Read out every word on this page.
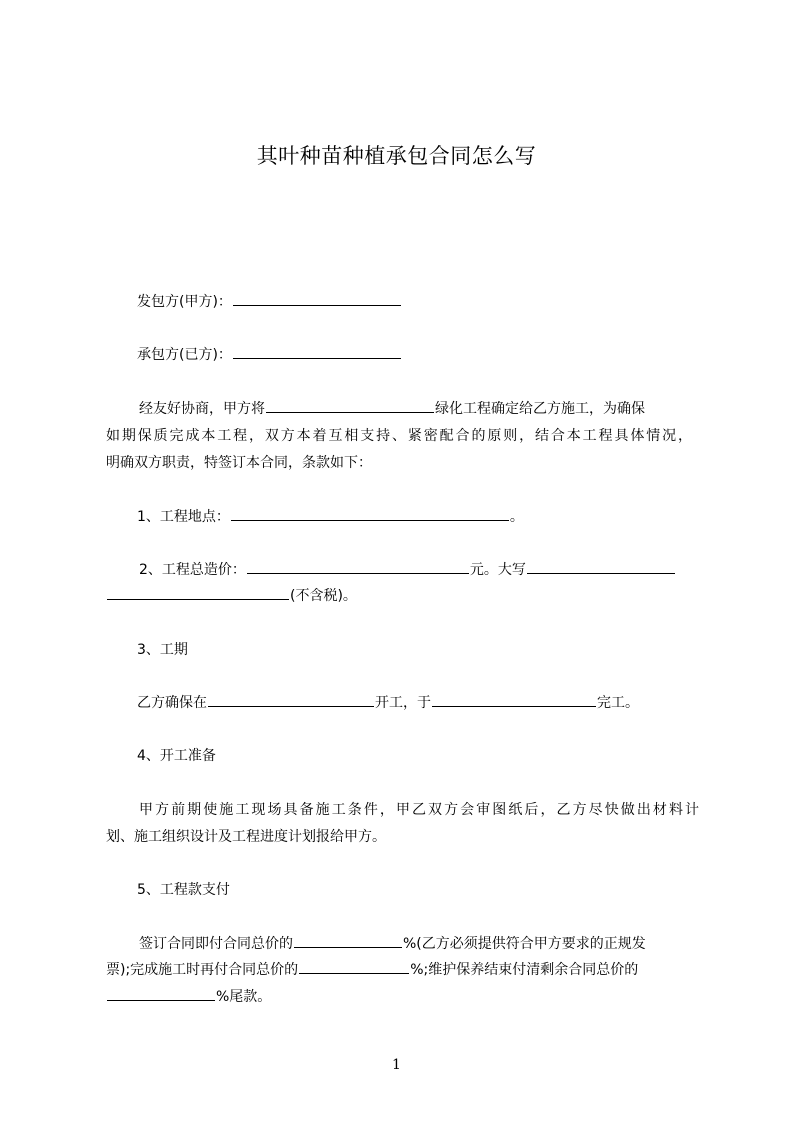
其叶种苗种植承包合同怎么写

发包方(甲方)：

承包方(已方)：

经友好协商，甲方将	绿化工程确定给乙方施工，为确保

如期保质完成本工程，双方本着互相支持、紧密配合的原则，结合本工程具体情况，

明确双方职责，特签订本合同，条款如下：

1、工程地点：	。

2、工程总造价：	元。大写

(不含税)。

3、工期

乙方确保在	开工，于	完工。

4、开工准备

甲方前期使施工现场具备施工条件，甲乙双方会审图纸后，乙方尽快做出材料计

划、施工组织设计及工程进度计划报给甲方。

5、工程款支付

签订合同即付合同总价的	%(乙方必须提供符合甲方要求的正规发

票);完成施工时再付合同总价的	%;维护保养结束付清剩余合同总价的

%尾款。

1
